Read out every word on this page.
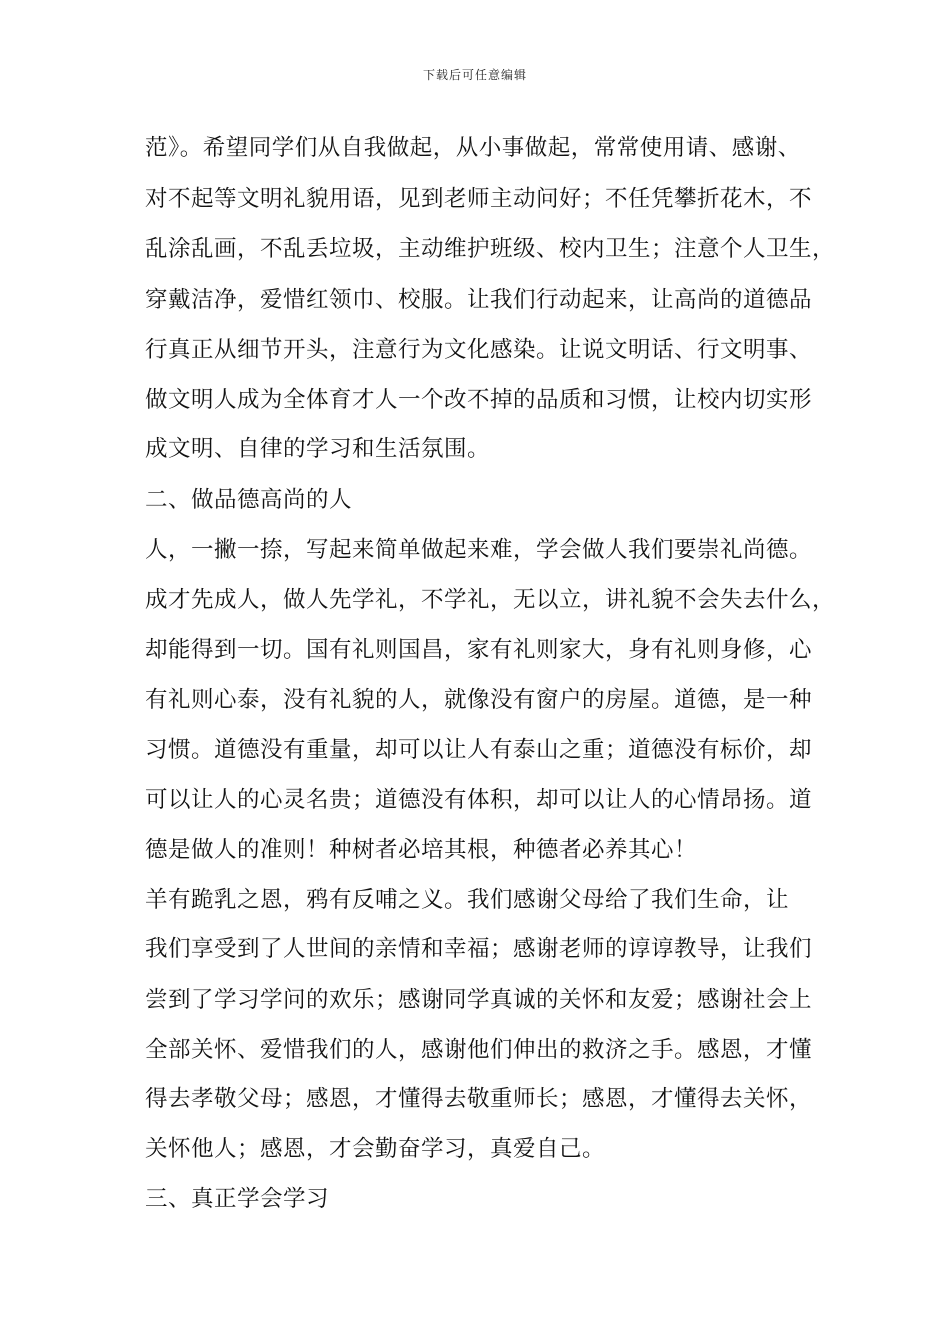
下载后可任意编辑
范》。希望同学们从自我做起，从小事做起，常常使用请、感谢、
对不起等文明礼貌用语，见到老师主动问好；不任凭攀折花木，不
乱涂乱画，不乱丢垃圾，主动维护班级、校内卫生；注意个人卫生，
穿戴洁净，爱惜红领巾、校服。让我们行动起来，让高尚的道德品
行真正从细节开头，注意行为文化感染。让说文明话、行文明事、
做文明人成为全体育才人一个改不掉的品质和习惯，让校内切实形
成文明、自律的学习和生活氛围。
二、做品德高尚的人
人，一撇一捺，写起来简单做起来难，学会做人我们要崇礼尚德。
成才先成人，做人先学礼，不学礼，无以立，讲礼貌不会失去什么，
却能得到一切。国有礼则国昌，家有礼则家大，身有礼则身修，心
有礼则心泰，没有礼貌的人，就像没有窗户的房屋。道德，是一种
习惯。道德没有重量，却可以让人有泰山之重；道德没有标价，却
可以让人的心灵名贵；道德没有体积，却可以让人的心情昂扬。道
德是做人的准则！种树者必培其根，种德者必养其心！
羊有跪乳之恩，鸦有反哺之义。我们感谢父母给了我们生命，让
我们享受到了人世间的亲情和幸福；感谢老师的谆谆教导，让我们
尝到了学习学问的欢乐；感谢同学真诚的关怀和友爱；感谢社会上
全部关怀、爱惜我们的人，感谢他们伸出的救济之手。感恩，才懂
得去孝敬父母；感恩，才懂得去敬重师长；感恩，才懂得去关怀，
关怀他人；感恩，才会勤奋学习，真爱自己。
三、真正学会学习
